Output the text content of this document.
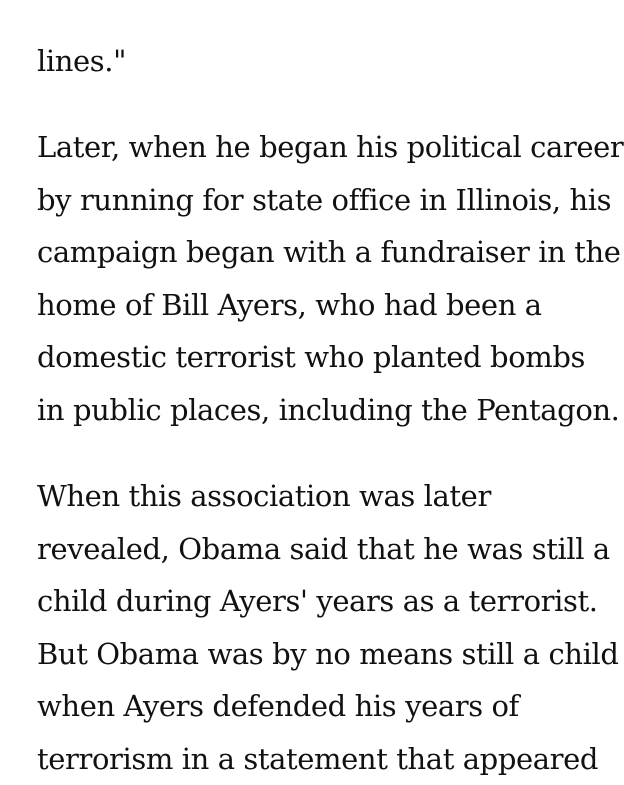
lines."
Later, when he began his political career
by running for state office in Illinois, his
campaign began with a fundraiser in the
home of Bill Ayers, who had been a
domestic terrorist who planted bombs
in public places, including the Pentagon.
When this association was later
revealed, Obama said that he was still a
child during Ayers' years as a terrorist.
But Obama was by no means still a child
when Ayers defended his years of
terrorism in a statement that appeared
